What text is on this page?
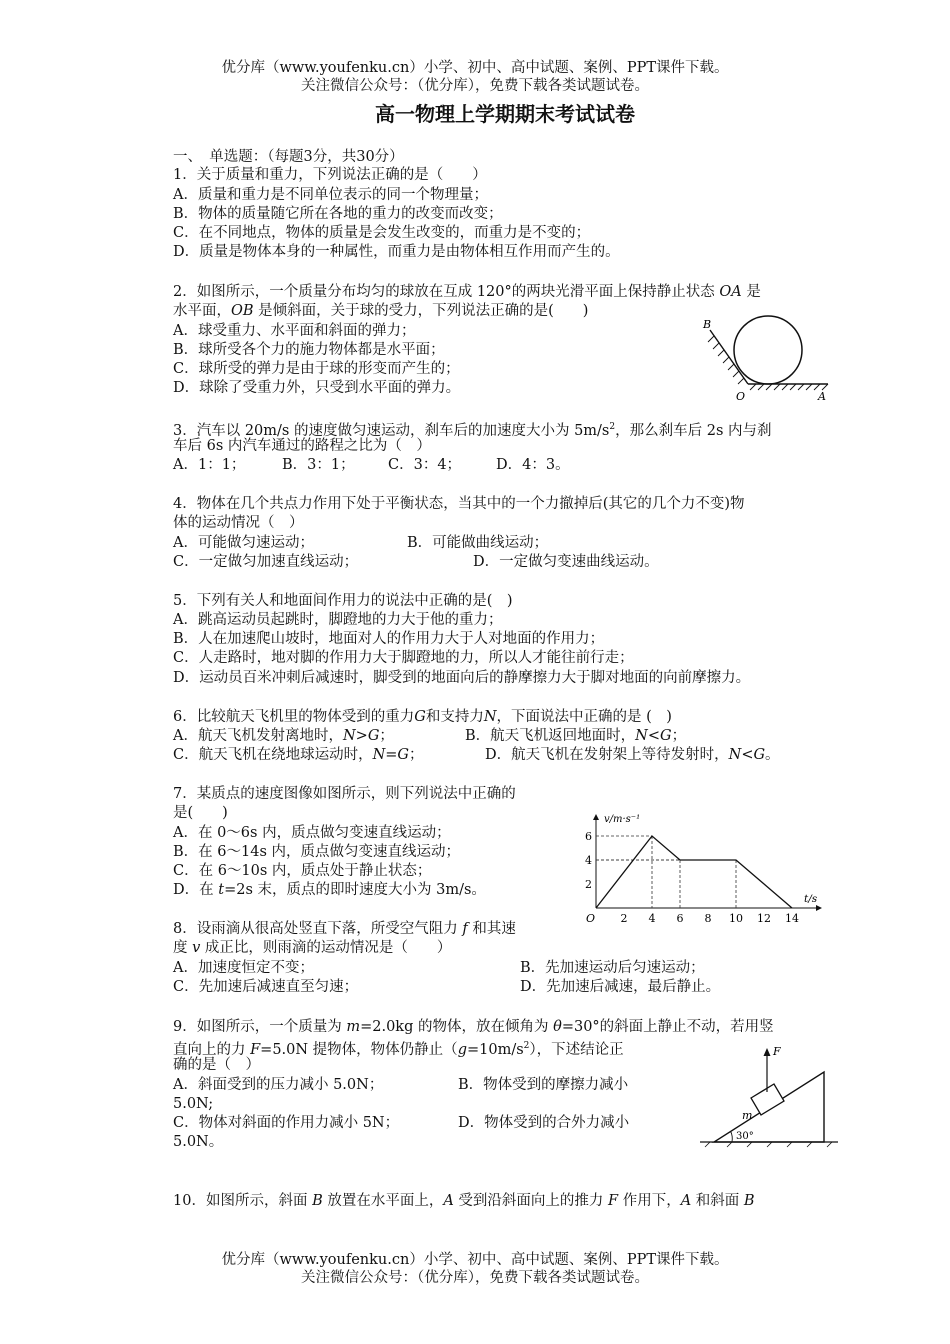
优分库（www.youfenku.cn）小学、初中、高中试题、案例、PPT课件下载。
关注微信公众号：（优分库），免费下载各类试题试卷。
高一物理上学期期末考试试卷
一、　单选题：（每题3分，共30分）
1．关于质量和重力，下列说法正确的是（　　）
A．质量和重力是不同单位表示的同一个物理量；
B．物体的质量随它所在各地的重力的改变而改变；
C．在不同地点，物体的质量是会发生改变的，而重力是不变的；
D．质量是物体本身的一种属性，而重力是由物体相互作用而产生的。
2．如图所示，一个质量分布均匀的球放在互成 120°的两块光滑平面上保持静止状态 OA 是
水平面，OB 是倾斜面，关于球的受力，下列说法正确的是(　　)
A．球受重力、水平面和斜面的弹力；
B．球所受各个力的施力物体都是水平面；
C．球所受的弹力是由于球的形变而产生的；
D．球除了受重力外，只受到水平面的弹力。
B
O	A
3．汽车以 20m/s 的速度做匀速运动，刹车后的加速度大小为 $5m/s^2$，那么刹车后 2s 内与刹
车后 6s 内汽车通过的路程之比为（　）
A．1：1；	B．3：1； C．3：4； D．4：3。
4．物体在几个共点力作用下处于平衡状态，当其中的一个力撤掉后(其它的几个力不变)物
体的运动情况（　）
A．可能做匀速运动；	B．可能做曲线运动；
C．一定做匀加速直线运动；	D．一定做匀变速曲线运动。
5．下列有关人和地面间作用力的说法中正确的是(　)
A．跳高运动员起跳时，脚蹬地的力大于他的重力；
B．人在加速爬山坡时，地面对人的作用力大于人对地面的作用力；
C．人走路时，地对脚的作用力大于脚蹬地的力，所以人才能往前行走；
D．运动员百米冲刺后减速时，脚受到的地面向后的静摩擦力大于脚对地面的向前摩擦力。
6．比较航天飞机里的物体受到的重力G和支持力N，下面说法中正确的是 (　)
A．航天飞机发射离地时，N>G；	B．航天飞机返回地面时，N<G；
C．航天飞机在绕地球运动时，N=G；	D．航天飞机在发射架上等待发射时，N<G。
7．某质点的速度图像如图所示，则下列说法中正确的
是(　　)
A．在 0～6s 内，质点做匀变速直线运动；
B．在 6～14s 内，质点做匀变速直线运动；
C．在 6～10s 内，质点处于静止状态；
D．在 t=2s 末，质点的即时速度大小为 3m/s。
2 4 6 8 10 12 14
2
4
6
v/m·s⁻¹
t/s
O
8．设雨滴从很高处竖直下落，所受空气阻力 f 和其速
度 v 成正比，则雨滴的运动情况是（　　）
A．加速度恒定不变；	B．先加速运动后匀速运动；
C．先加速后减速直至匀速；	D．先加速后减速，最后静止。
9．如图所示，一个质量为 m=2.0kg 的物体，放在倾角为 θ=30°的斜面上静止不动，若用竖
直向上的力 F=5.0N 提物体，物体仍静止$(g=10m/s^2)$，下述结论正
确的是（　）
A．斜面受到的压力减小 5.0N；	B．物体受到的摩擦力减小
5.0N;
C．物体对斜面的作用力减小 5N；	D．物体受到的合外力减小
5.0N。
F
m
30°
10．如图所示，斜面 B 放置在水平面上，A 受到沿斜面向上的推力 F 作用下，A 和斜面 B
优分库（www.youfenku.cn）小学、初中、高中试题、案例、PPT课件下载。
关注微信公众号：（优分库），免费下载各类试题试卷。
